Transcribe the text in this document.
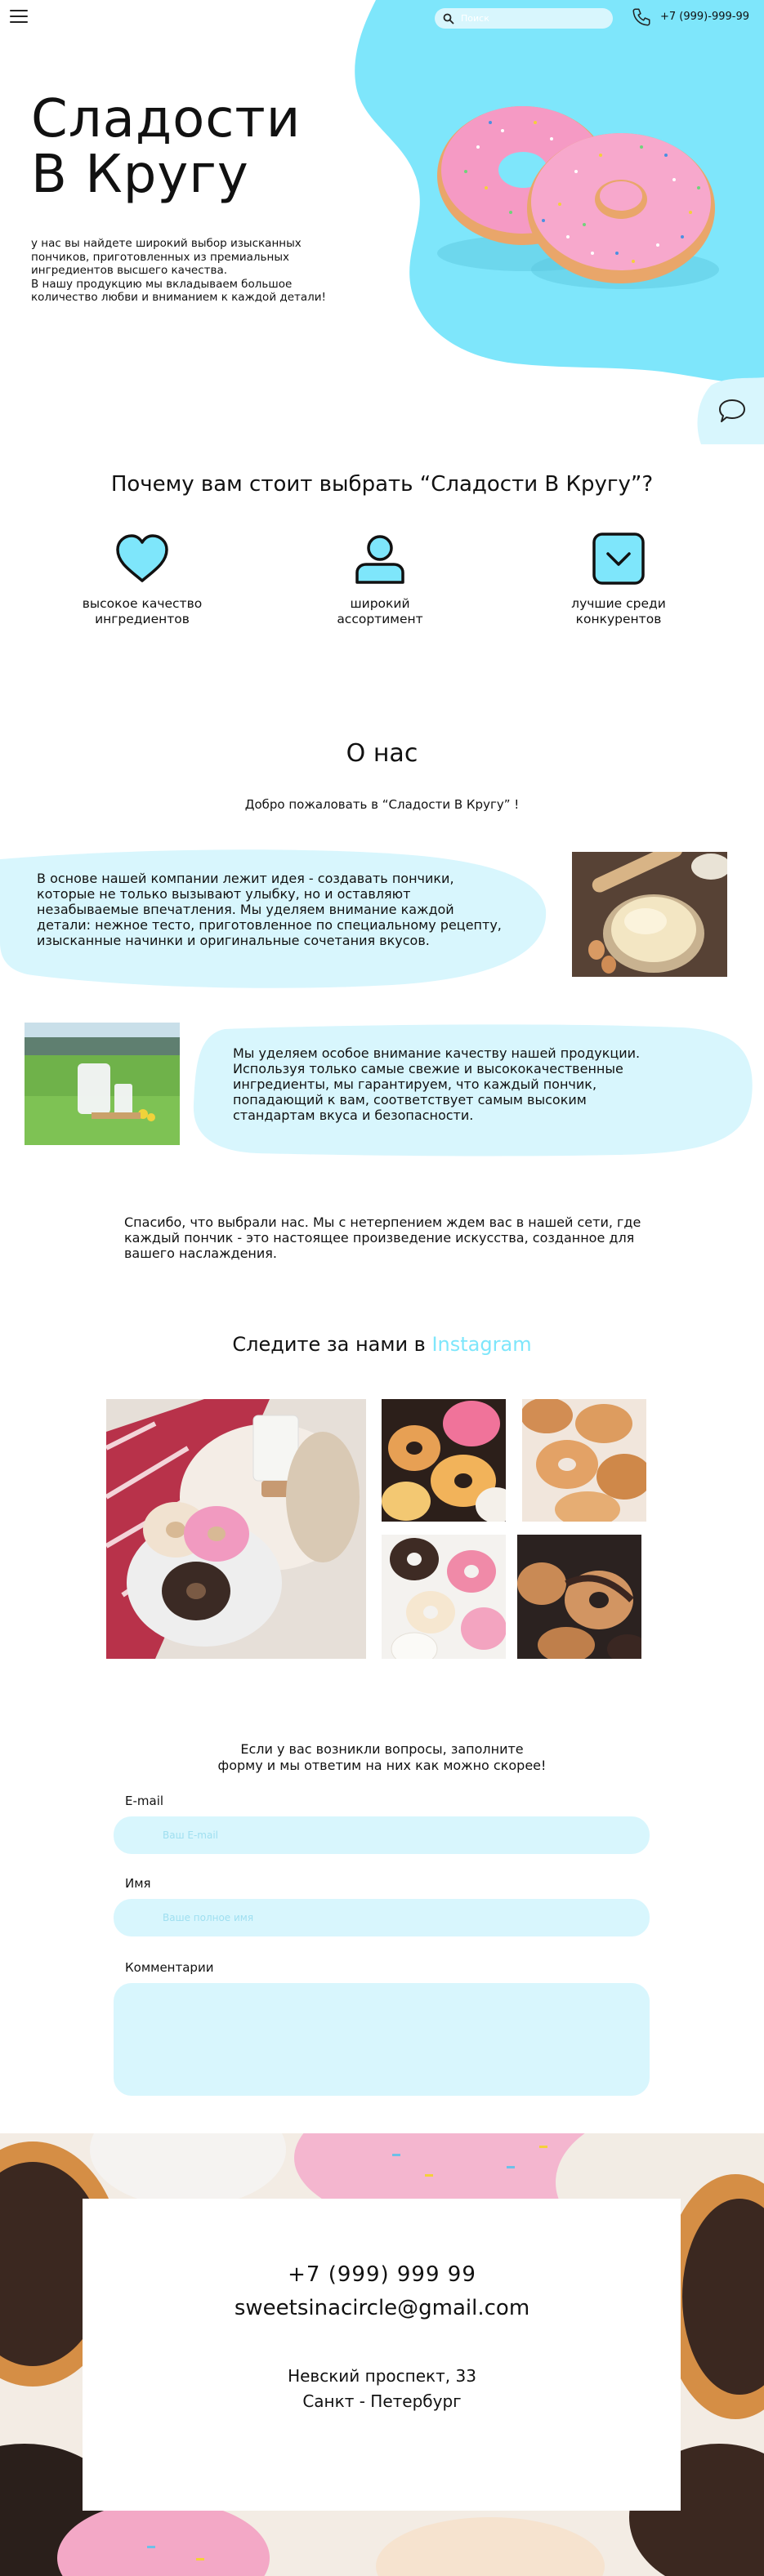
Поиск
+7 (999)-999-99
Сладости
В Кругу
у нас вы найдете широкий выбор изысканных
пончиков, приготовленных из премиальных
ингредиентов высшего качества.
В нашу продукцию мы вкладываем большое
количество любви и вниманием к каждой детали!
Почему вам стоит выбрать “Сладости В Кругу”?
высокое качество
ингредиентов
широкий
ассортимент
лучшие среди
конкурентов
О нас
Добро пожаловать в “Сладости В Кругу” !
В основе нашей компании лежит идея - создавать пончики,
которые не только вызывают улыбку, но и оставляют
незабываемые впечатления. Мы уделяем внимание каждой
детали: нежное тесто, приготовленное по специальному рецепту,
изысканные начинки и оригинальные сочетания вкусов.
Мы уделяем особое внимание качеству нашей продукции.
Используя только самые свежие и высококачественные
ингредиенты, мы гарантируем, что каждый пончик,
попадающий к вам, соответствует самым высоким
стандартам вкуса и безопасности.
Спасибо, что выбрали нас. Мы с нетерпением ждем вас в нашей сети, где
каждый пончик - это настоящее произведение искусства, созданное для
вашего наслаждения.
Следите за нами в Instagram
Если у вас возникли вопросы, заполните
форму и мы ответим на них как можно скорее!
E-mail
Ваш E-mail
Имя
Ваше полное имя
Комментарии
+7 (999) 999 99
sweetsinacircle@gmail.com
Невский проспект, 33
Санкт - Петербург
